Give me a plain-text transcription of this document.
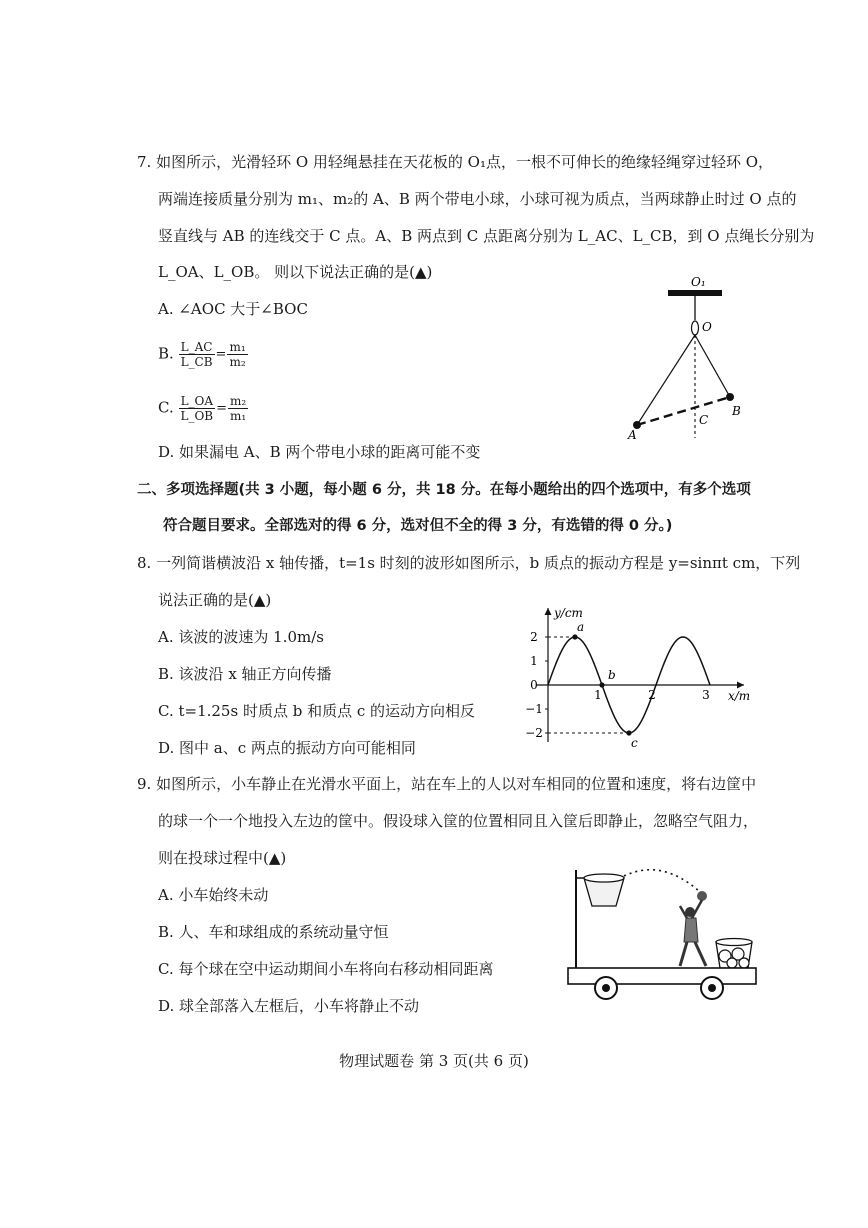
7. 如图所示，光滑轻环 O 用轻绳悬挂在天花板的 O₁点，一根不可伸长的绝缘轻绳穿过轻环 O，
两端连接质量分别为 m₁、m₂的 A、B 两个带电小球，小球可视为质点，当两球静止时过 O 点的
竖直线与 AB 的连线交于 C 点。A、B 两点到 C 点距离分别为 L_AC、L_CB，到 O 点绳长分别为
L_OA、L_OB。 则以下说法正确的是(▲)
A. ∠AOC 大于∠BOC
B. $\frac{L\_AC}{L\_CB} = \frac{\text{m₁}}{\text{m₂}}$
C. $\frac{L\_OA}{L\_OB} = \frac{\text{m₂}}{\text{m₁}}$
D. 如果漏电 A、B 两个带电小球的距离可能不变
O₁
O
A
B
C
二、多项选择题(共 3 小题，每小题 6 分，共 18 分。在每小题给出的四个选项中，有多个选项
符合题目要求。全部选对的得 6 分，选对但不全的得 3 分，有选错的得 0 分。)
8. 一列简谐横波沿 x 轴传播，t=1s 时刻的波形如图所示，b 质点的振动方程是 y=sinπt cm，下列
说法正确的是(▲)
A. 该波的波速为 1.0m/s
B. 该波沿 x 轴正方向传播
C. t=1.25s 时质点 b 和质点 c 的运动方向相反
D. 图中 a、c 两点的振动方向可能相同
y/cm
x/m
2
1
0
−1
−2
1	2	3
a
b
c
9. 如图所示，小车静止在光滑水平面上，站在车上的人以对车相同的位置和速度，将右边筐中
的球一个一个地投入左边的筐中。假设球入筐的位置相同且入筐后即静止，忽略空气阻力，
则在投球过程中(▲)
A. 小车始终未动
B. 人、车和球组成的系统动量守恒
C. 每个球在空中运动期间小车将向右移动相同距离
D. 球全部落入左框后，小车将静止不动
物理试题卷 第 3 页(共 6 页)
